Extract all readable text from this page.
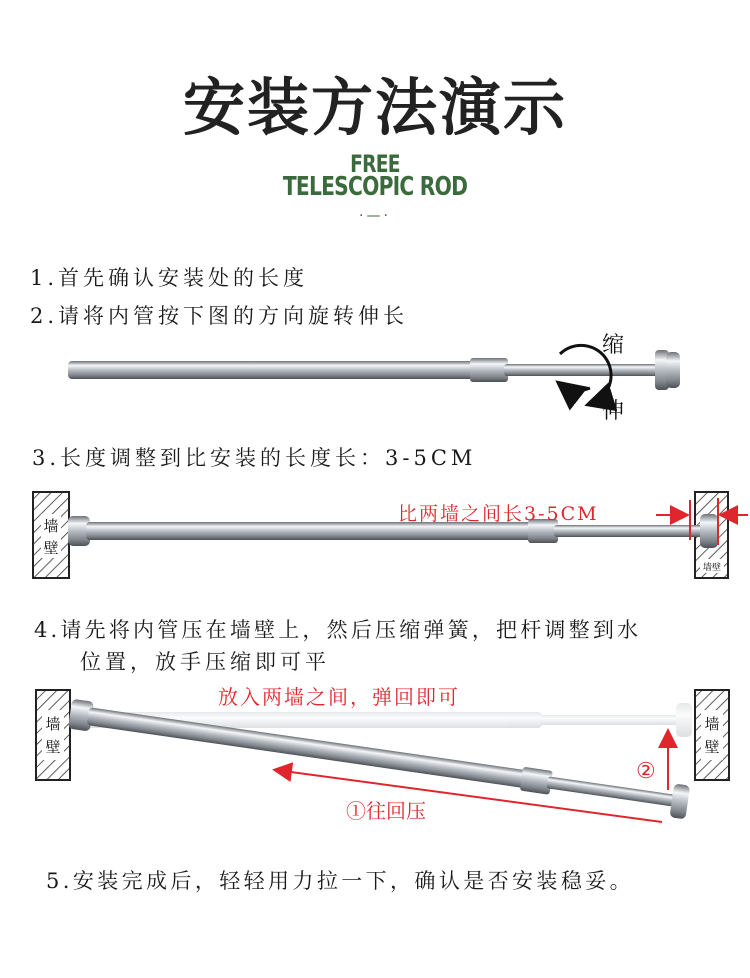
安装方法演示
FREE
TELESCOPIC ROD
·—·
1.首先确认安装处的长度
2.请将内管按下图的方向旋转伸长
3.长度调整到比安装的长度长：3-5CM
4.请先将内管压在墙壁上，然后压缩弹簧，把杆调整到水
位置，放手压缩即可平
5.安装完成后，轻轻用力拉一下，确认是否安装稳妥。
缩
伸
墙
壁
墙壁
比两墙之间长3-5CM
墙
壁
墙
壁
放入两墙之间，弹回即可
①往回压
②
